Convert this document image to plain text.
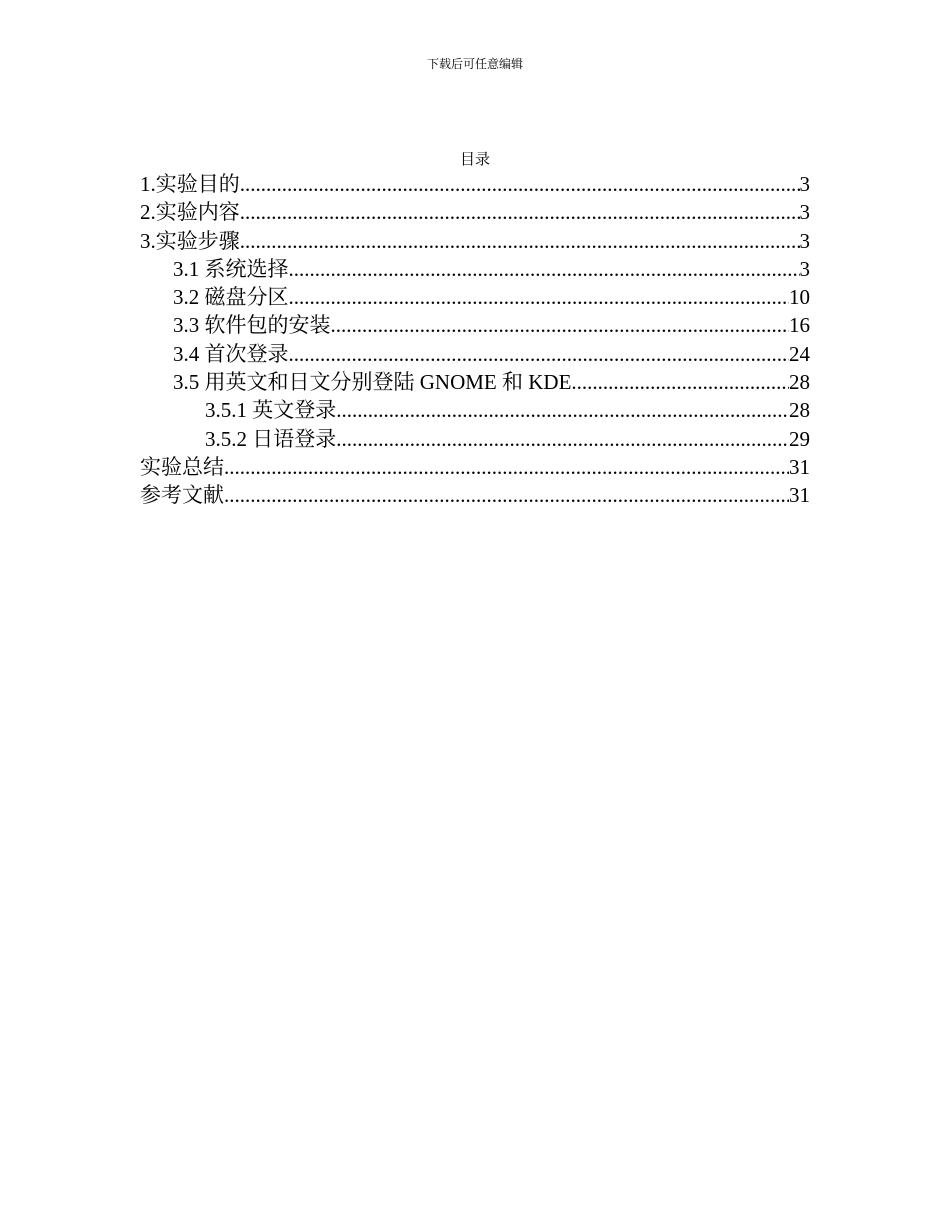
下载后可任意编辑
目录
1.实验目的 .....	3
2.实验内容 .....	3
3.实验步骤 .....	3
3.1 系统选择 .....	3
3.2 磁盘分区 .....	10
3.3 软件包的安装 .....	16
3.4 首次登录 .....	24
3.5 用英文和日文分别登陆 GNOME 和 KDE .....	28
3.5.1 英文登录 .....	28
3.5.2 日语登录 .....	29
实验总结 .....	31
参考文献 .....	31
